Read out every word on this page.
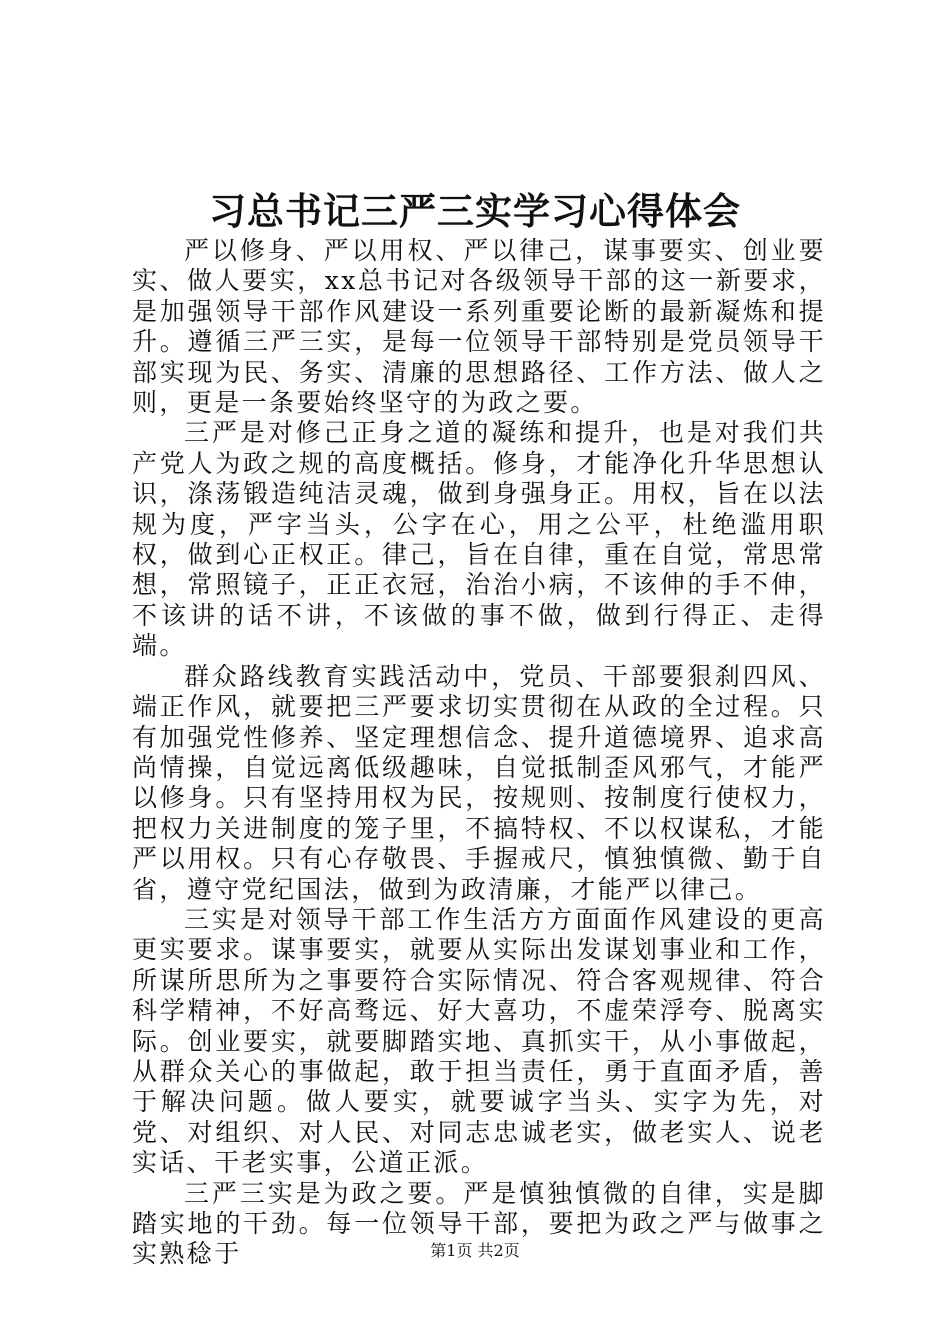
习总书记三严三实学习心得体会

严以修身、严以用权、严以律己，谋事要实、创业要实、做人要实，xx总书记对各级领导干部的这一新要求，是加强领导干部作风建设一系列重要论断的最新凝炼和提升。遵循三严三实，是每一位领导干部特别是党员领导干部实现为民、务实、清廉的思想路径、工作方法、做人之则，更是一条要始终坚守的为政之要。

三严是对修己正身之道的凝练和提升，也是对我们共产党人为政之规的高度概括。修身，才能净化升华思想认识，涤荡锻造纯洁灵魂，做到身强身正。用权，旨在以法规为度，严字当头，公字在心，用之公平，杜绝滥用职权，做到心正权正。律己，旨在自律，重在自觉，常思常想，常照镜子，正正衣冠，治治小病，不该伸的手不伸，不该讲的话不讲，不该做的事不做，做到行得正、走得端。

群众路线教育实践活动中，党员、干部要狠刹四风、端正作风，就要把三严要求切实贯彻在从政的全过程。只有加强党性修养、坚定理想信念、提升道德境界、追求高尚情操，自觉远离低级趣味，自觉抵制歪风邪气，才能严以修身。只有坚持用权为民，按规则、按制度行使权力，把权力关进制度的笼子里，不搞特权、不以权谋私，才能严以用权。只有心存敬畏、手握戒尺，慎独慎微、勤于自省，遵守党纪国法，做到为政清廉，才能严以律己。

三实是对领导干部工作生活方方面面作风建设的更高更实要求。谋事要实，就要从实际出发谋划事业和工作，所谋所思所为之事要符合实际情况、符合客观规律、符合科学精神，不好高骛远、好大喜功，不虚荣浮夸、脱离实际。创业要实，就要脚踏实地、真抓实干，从小事做起，从群众关心的事做起，敢于担当责任，勇于直面矛盾，善于解决问题。做人要实，就要诚字当头、实字为先，对党、对组织、对人民、对同志忠诚老实，做老实人、说老实话、干老实事，公道正派。

三严三实是为政之要。严是慎独慎微的自律，实是脚踏实地的干劲。每一位领导干部，要把为政之严与做事之实熟稔于	第1页 共2页
